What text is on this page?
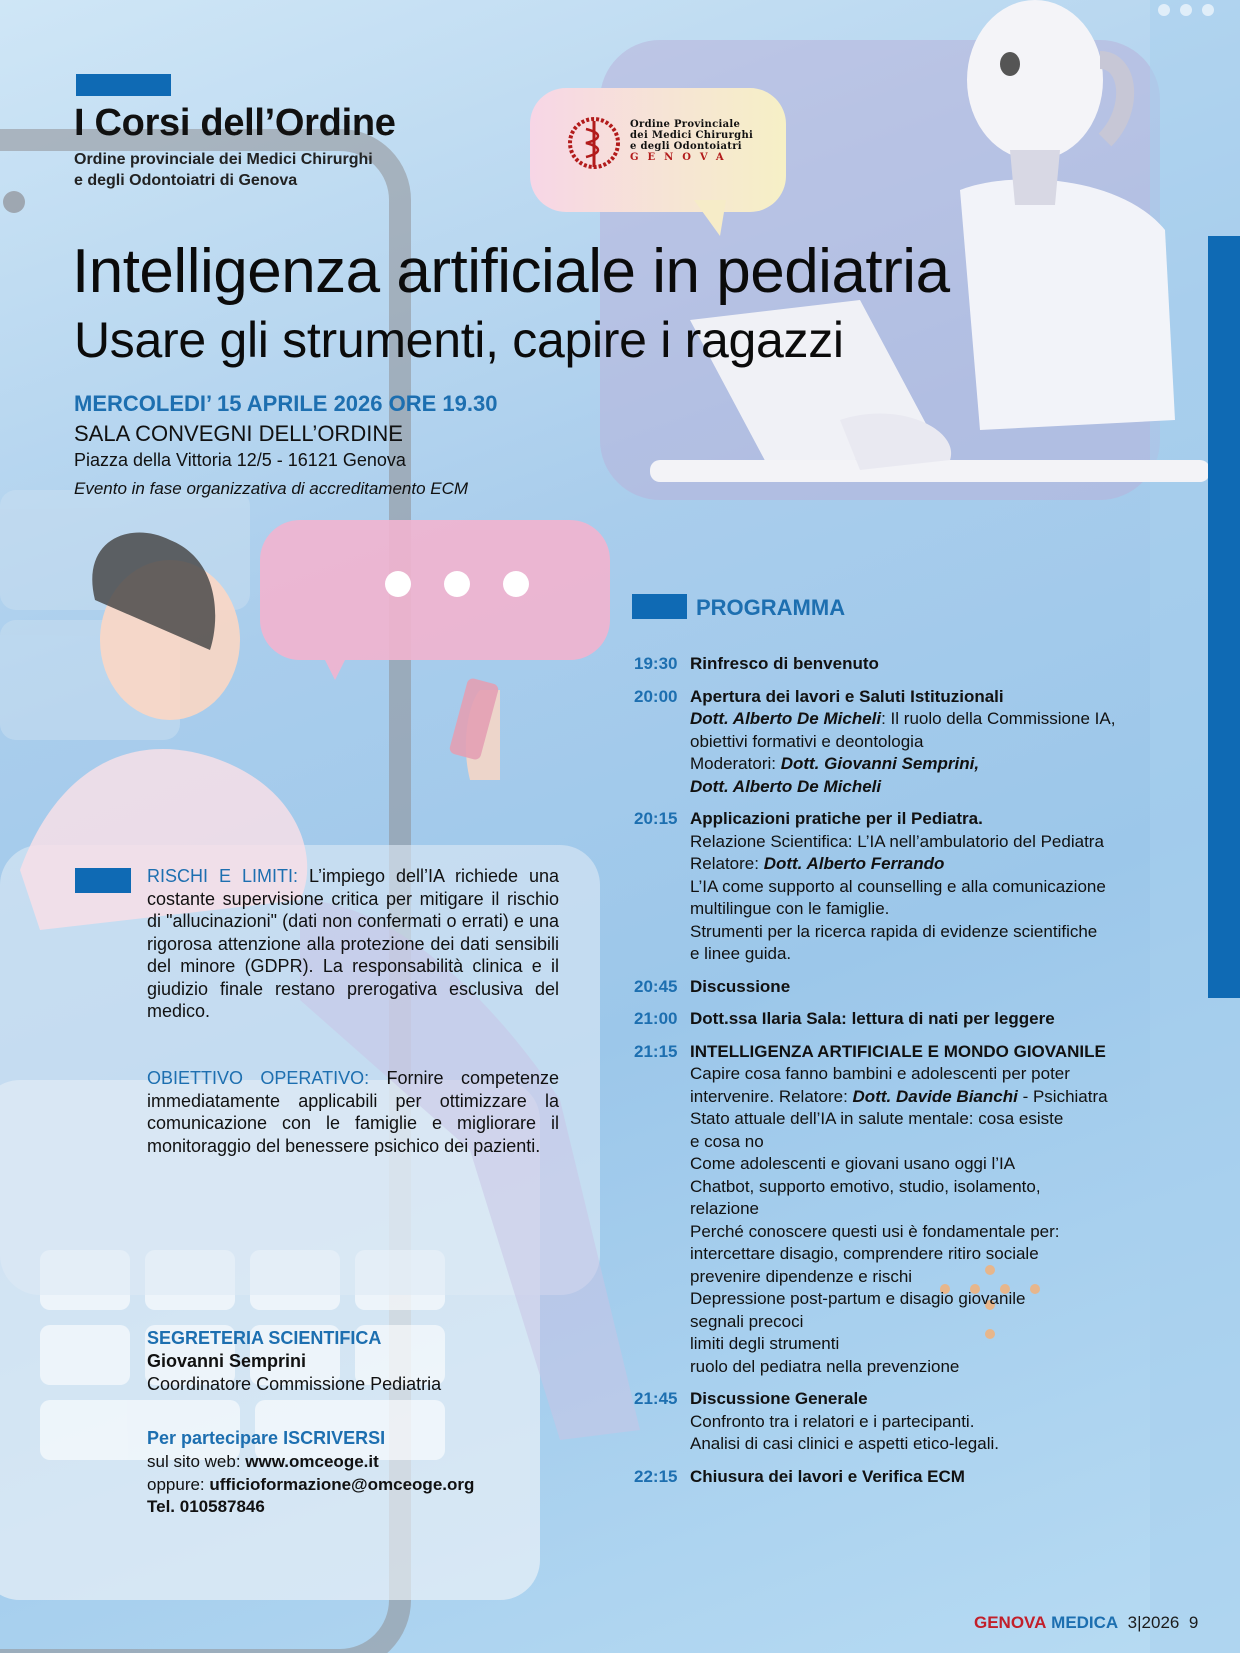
I Corsi dell’Ordine
Ordine provinciale dei Medici Chirurghi
e degli Odontoiatri di Genova
Ordine Provinciale
dei Medici Chirurghi
e degli Odontoiatri
GENOVA
Intelligenza artificiale in pediatria
Usare gli strumenti, capire i ragazzi
MERCOLEDI’ 15 APRILE 2026 ORE 19.30
SALA CONVEGNI DELL’ORDINE
Piazza della Vittoria 12/5 - 16121 Genova
Evento in fase organizzativa di accreditamento ECM
RISCHI E LIMITI: L’impiego dell’IA richiede una costante supervisione critica per mitigare il rischio di "allucinazioni" (dati non confermati o errati) e una rigorosa attenzione alla protezione dei dati sensibili del minore (GDPR). La responsabilità clinica e il giudizio finale restano prerogativa esclusiva del medico.
OBIETTIVO OPERATIVO: Fornire competenze immediatamente applicabili per ottimizzare la comunicazione con le famiglie e migliorare il monitoraggio del benessere psichico dei pazienti.
SEGRETERIA SCIENTIFICA
Giovanni Semprini
Coordinatore Commissione Pediatria
Per partecipare ISCRIVERSI
sul sito web: www.omceoge.it
oppure: ufficioformazione@omceoge.org
Tel. 010587846
PROGRAMMA
19:30 Rinfresco di benvenuto
20:00 Apertura dei lavori e Saluti Istituzionali
Dott. Alberto De Micheli: Il ruolo della Commissione IA,
obiettivi formativi e deontologia
Moderatori: Dott. Giovanni Semprini,
Dott. Alberto De Micheli
20:15 Applicazioni pratiche per il Pediatra.
Relazione Scientifica: L’IA nell’ambulatorio del Pediatra
Relatore: Dott. Alberto Ferrando
L’IA come supporto al counselling e alla comunicazione
multilingue con le famiglie.
Strumenti per la ricerca rapida di evidenze scientifiche
e linee guida.
20:45 Discussione
21:00 Dott.ssa Ilaria Sala: lettura di nati per leggere
21:15 INTELLIGENZA ARTIFICIALE E MONDO GIOVANILE
Capire cosa fanno bambini e adolescenti per poter
intervenire. Relatore: Dott. Davide Bianchi - Psichiatra
Stato attuale dell’IA in salute mentale: cosa esiste
e cosa no
Come adolescenti e giovani usano oggi l’IA
Chatbot, supporto emotivo, studio, isolamento,
relazione
Perché conoscere questi usi è fondamentale per:
intercettare disagio, comprendere ritiro sociale
prevenire dipendenze e rischi
Depressione post-partum e disagio giovanile
segnali precoci
limiti degli strumenti
ruolo del pediatra nella prevenzione
21:45 Discussione Generale
Confronto tra i relatori e i partecipanti.
Analisi di casi clinici e aspetti etico-legali.
22:15 Chiusura dei lavori e Verifica ECM
GENOVA MEDICA 3|2026 9
